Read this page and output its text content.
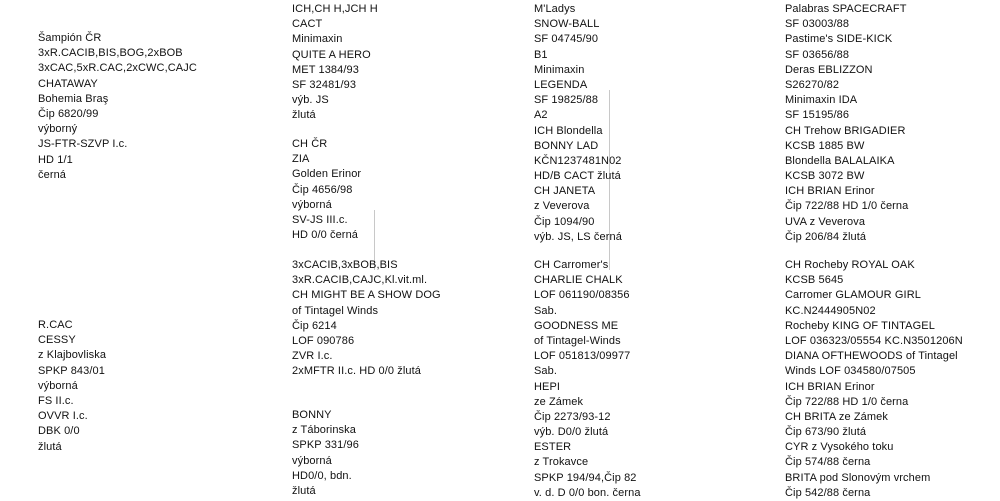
Šampión ČR
3xR.CACIB,BIS,BOG,2xBOB
3xCAC,5xR.CAC,2xCWC,CAJC
CHATAWAY
Bohemia Braş
Čip 6820/99
výborný
JS-FTR-SZVP I.c.
HD 1/1
černá
R.CAC
CESSY
z Klajbovliska
SPKP 843/01
výborná
FS II.c.
OVVR I.c.
DBK 0/0
žlutá
ICH,CH H,JCH H
CACT
Minimaxin
QUITE A HERO
MET 1384/93
SF 32481/93
výb. JS
žlutá
CH ČR
ZIA
Golden Erinor
Čip 4656/98
výborná
SV-JS III.c.
HD 0/0 černá
3xCACIB,3xBOB,BIS
3xR.CACIB,CAJC,Kl.vit.ml.
CH MIGHT BE A SHOW DOG
of Tintagel Winds
Čip 6214
LOF 090786
ZVR I.c.
2xMFTR II.c. HD 0/0 žlutá
BONNY
z Táborinska
SPKP 331/96
výborná
HD0/0, bdn.
žlutá
M'Ladys
SNOW-BALL
SF 04745/90
B1
Minimaxin
LEGENDA
SF 19825/88
A2
ICH Blondella
BONNY LAD
KČN1237481N02
HD/B CACT žlutá
CH JANETA
z Veverova
Čip 1094/90
výb. JS, LS černá
CH Carromer's
CHARLIE CHALK
LOF 061190/08356
Sab.
GOODNESS ME
of Tintagel-Winds
LOF 051813/09977
Sab.
HEPI
ze Zámek
Čip 2273/93-12
výb. D0/0 žlutá
ESTER
z Trokavce
SPKP 194/94,Čip 82
v. d. D 0/0 bon. černa
Palabras SPACECRAFT
SF 03003/88
Pastime's SIDE-KICK
SF 03656/88
Deras EBLIZZON
S26270/82
Minimaxin IDA
SF 15195/86
CH Trehow BRIGADIER
KCSB 1885 BW
Blondella BALALAIKA
KCSB 3072 BW
ICH BRIAN Erinor
Čip 722/88 HD 1/0 černa
UVA z Veverova
Čip 206/84 žlutá
CH Rocheby ROYAL OAK
KCSB 5645
Carromer GLAMOUR GIRL
KC.N2444905N02
Rocheby KING OF TINTAGEL
LOF 036323/05554 KC.N3501206N
DIANA OFTHEWOODS of Tintagel
Winds LOF 034580/07505
ICH BRIAN Erinor
Čip 722/88 HD 1/0 černa
CH BRITA ze Zámek
Čip 673/90 žlutá
CYR z Vysokého toku
Čip 574/88 černa
BRITA pod Slonovým vrchem
Čip 542/88 černa
